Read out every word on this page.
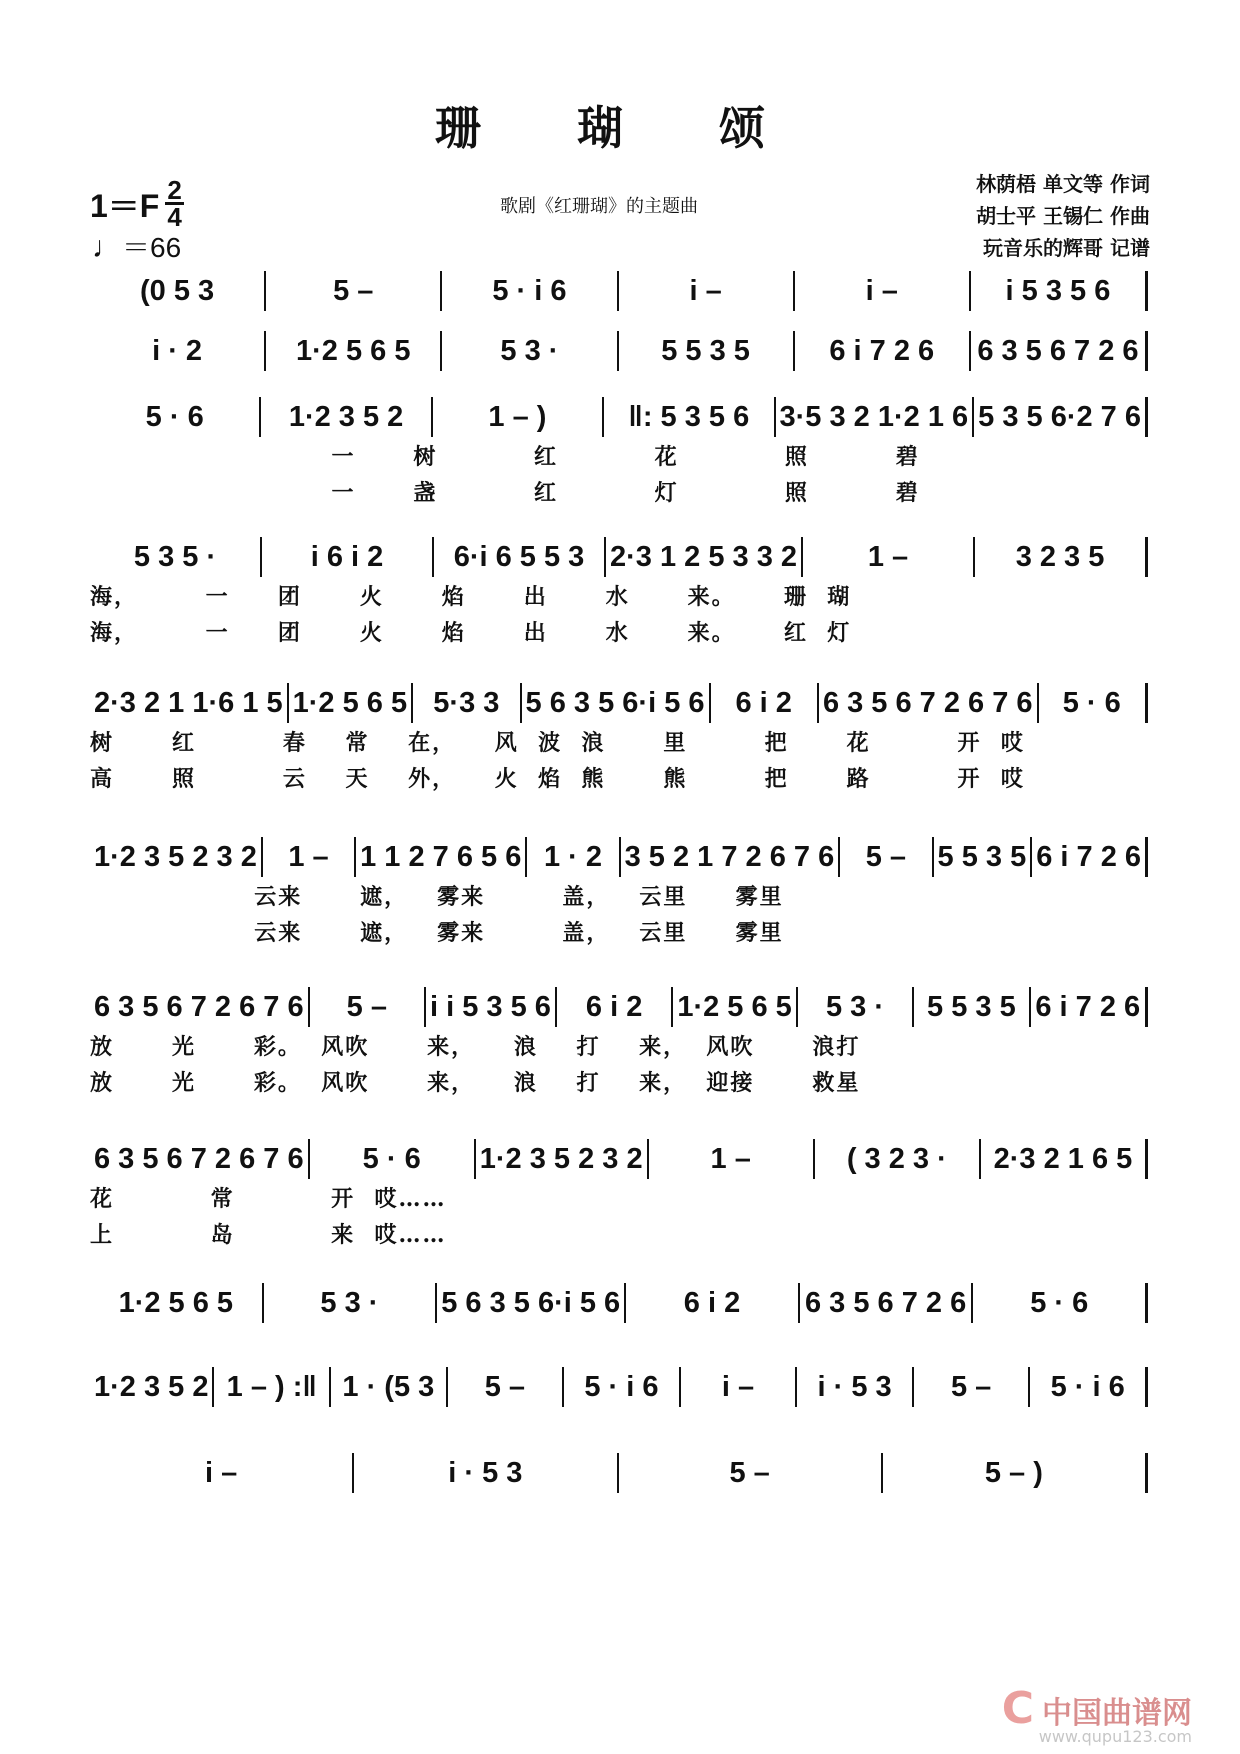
珊 瑚 颂
$1=F \frac{2}{4}$
♩＝66
歌剧《红珊瑚》的主题曲
林荫梧 单文等 作词
胡士平 王锡仁 作曲
玩音乐的辉哥 记谱
(0 5 3	5 –	5 · i 6	i –	i –	i 5 3 5 6
i · 2	1·2 5 6 5	5 3 ·	5 5 3 5	6 i 7 2 6	6 3 5 6 7 2 6
5 · 6	1·2 3 5 2	1 – )	‖: 5 3 5 6	3·5 3 2 1·2 1 6 5 3 5 6·2 7 6
一      树          红          花           照         碧
一      盏          红          灯           照         碧
5 3 5 ·	i 6 i 2	6·i 6 5 5 3 2·3 1 2 5 3 3 2	1 –	3 2 3 5
海，       一     团      火      焰      出      水      来。     珊  瑚
海，       一     团      火      焰      出      水      来。     红  灯
2·3 2 1 1·6 1 5 1·2 5 6 5 5·3 3 5 6 3 5 6·i 5 6	6 i 2	6 3 5 6 7 2 6 7 6	5 · 6
树      红         春    常    在，    风  波  浪      里        把      花         开  哎
高      照         云    天    外，    火  焰  熊      熊        把      路         开  哎
1·2 3 5 2 3 2	1 –	1 1 2 7 6 5 6 1 · 2 3 5 2 1 7 2 6 7 6	5 –	5 5 3 5 6 i 7 2 6
云来      遮，   雾来        盖，   云里     雾里
云来      遮，   雾来        盖，   云里     雾里
6 3 5 6 7 2 6 7 6	5 –	i i 5 3 5 6	6 i 2	1·2 5 6 5	5 3 ·	5 5 3 5 6 i 7 2 6
放      光      彩。  风吹      来，    浪    打    来，  风吹      浪打
放      光      彩。  风吹      来，    浪    打    来，  迎接      救星
6 3 5 6 7 2 6 7 6	5 · 6	1·2 3 5 2 3 2	1 –	( 3 2 3 ·	2·3 2 1 6 5
花          常          开  哎……
上          岛          来  哎……
1·2 5 6 5	5 3 ·	5 6 3 5 6·i 5 6	6 i 2	6 3 5 6 7 2 6	5 · 6
1·2 3 5 2 1 – ) :‖ 1 · (5 3	5 –	5 · i 6	i –	i · 5 3	5 –	5 · i 6
i –	i · 5 3	5 –	5 – )
C 中国曲谱网
www.qupu123.com
